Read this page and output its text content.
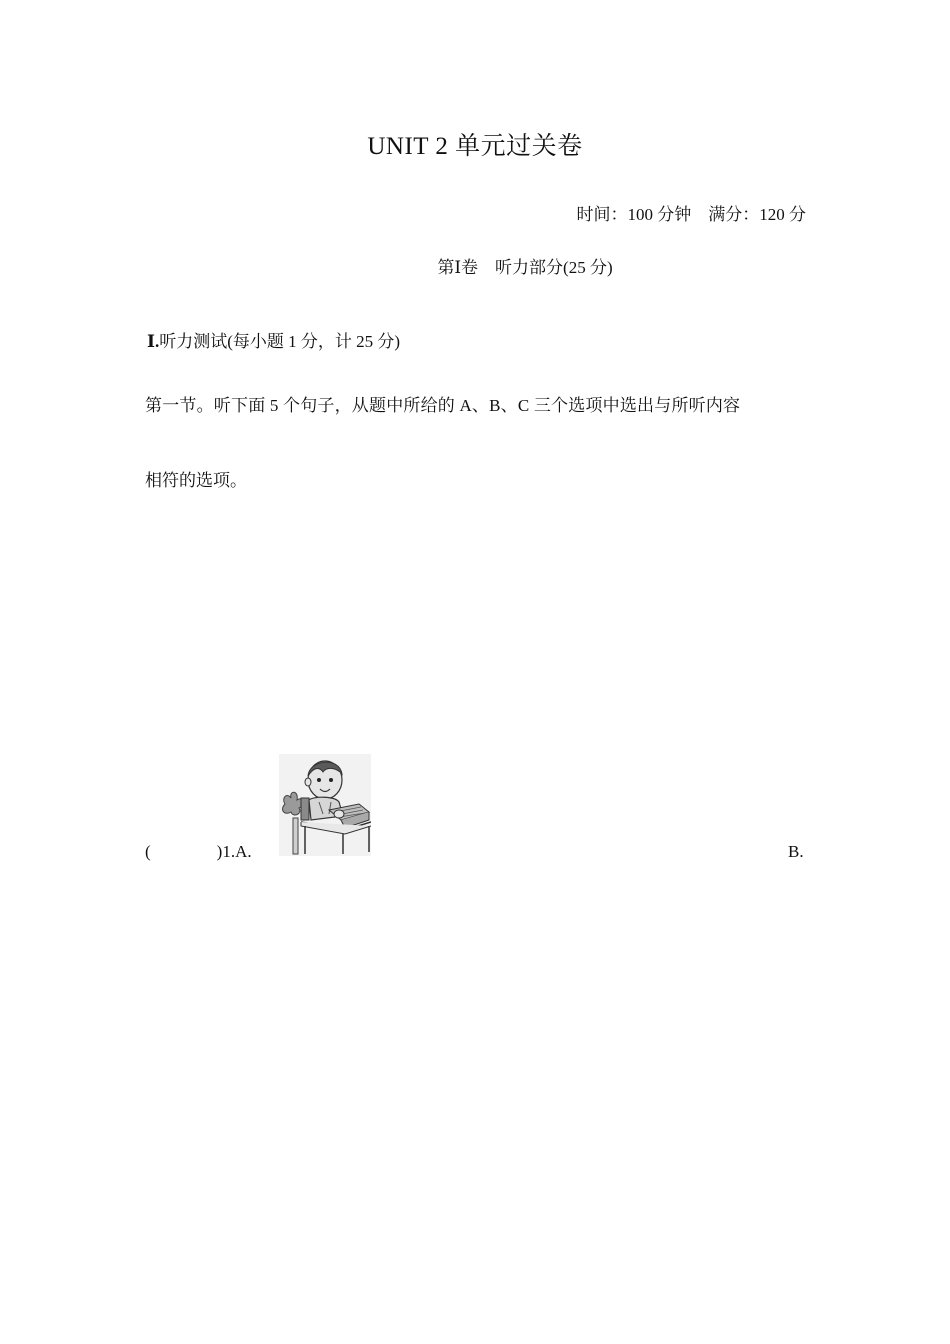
UNIT 2 单元过关卷
时间：100 分钟　满分：120 分
第Ⅰ卷　听力部分(25 分)
Ⅰ.听力测试(每小题 1 分，计 25 分)
第一节。听下面 5 个句子，从题中所给的 A、B、C 三个选项中选出与所听内容
相符的选项。
(	)1.A.	B.
